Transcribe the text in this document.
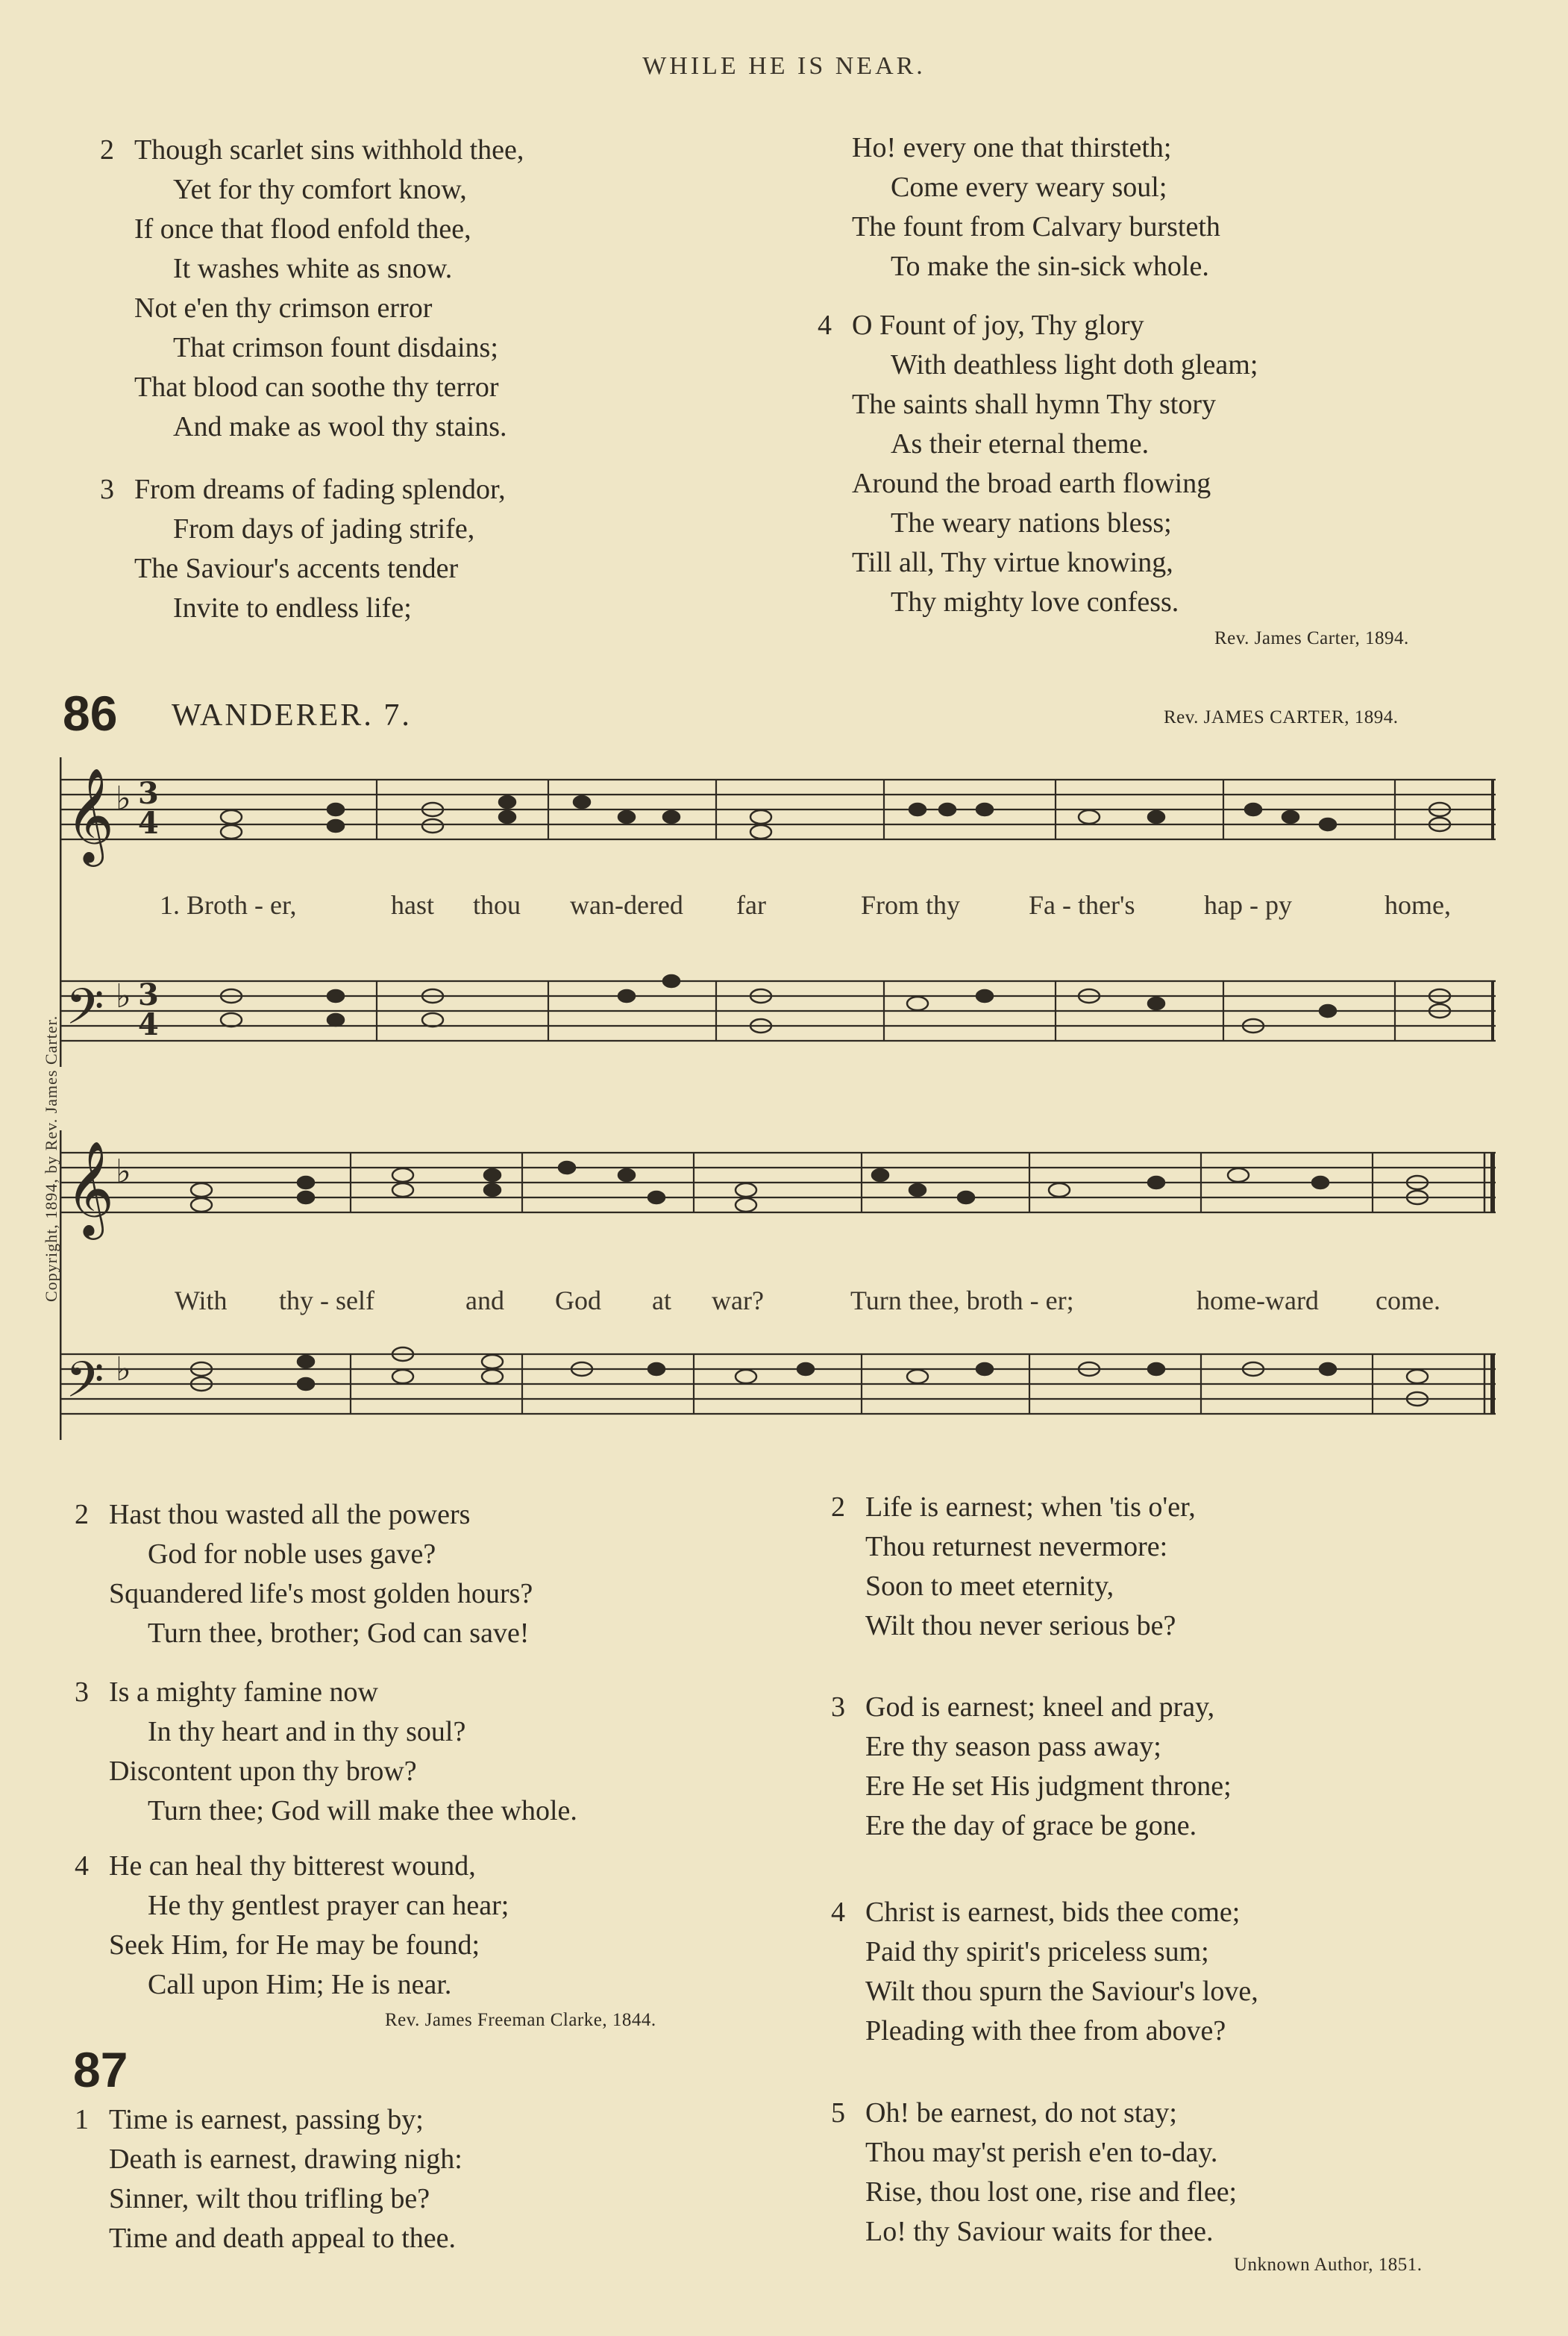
WHILE HE IS NEAR.
2 Though scarlet sins withhold thee,
Yet for thy comfort know,
If once that flood enfold thee,
It washes white as snow.
Not e'en thy crimson error
That crimson fount disdains;
That blood can soothe thy terror
And make as wool thy stains.
3 From dreams of fading splendor,
From days of jading strife,
The Saviour's accents tender
Invite to endless life;
Ho! every one that thirsteth;
Come every weary soul;
The fount from Calvary bursteth
To make the sin-sick whole.
4 O Fount of joy, Thy glory
With deathless light doth gleam;
The saints shall hymn Thy story
As their eternal theme.
Around the broad earth flowing
The weary nations bless;
Till all, Thy virtue knowing,
Thy mighty love confess.
Rev. James Carter, 1894.
86 WANDERER. 7.	Rev. JAMES CARTER, 1894.
Copyright, 1894, by Rev. James Carter.
𝄞
𝄢
♭
♭
3
4
3
4
1. Broth - er,	hast thou wan-dered far	From thy	Fa - ther's	hap - py	home,
𝄞
𝄢
♭
♭
With thy - self	and God at war?	Turn thee, broth - er;	home-ward come.
2 Hast thou wasted all the powers
God for noble uses gave?
Squandered life's most golden hours?
Turn thee, brother; God can save!
3 Is a mighty famine now
In thy heart and in thy soul?
Discontent upon thy brow?
Turn thee; God will make thee whole.
4 He can heal thy bitterest wound,
He thy gentlest prayer can hear;
Seek Him, for He may be found;
Call upon Him; He is near.
Rev. James Freeman Clarke, 1844.
87
1 Time is earnest, passing by;
Death is earnest, drawing nigh:
Sinner, wilt thou trifling be?
Time and death appeal to thee.
2 Life is earnest; when 'tis o'er,
Thou returnest nevermore:
Soon to meet eternity,
Wilt thou never serious be?
3 God is earnest; kneel and pray,
Ere thy season pass away;
Ere He set His judgment throne;
Ere the day of grace be gone.
4 Christ is earnest, bids thee come;
Paid thy spirit's priceless sum;
Wilt thou spurn the Saviour's love,
Pleading with thee from above?
5 Oh! be earnest, do not stay;
Thou may'st perish e'en to-day.
Rise, thou lost one, rise and flee;
Lo! thy Saviour waits for thee.
Unknown Author, 1851.
